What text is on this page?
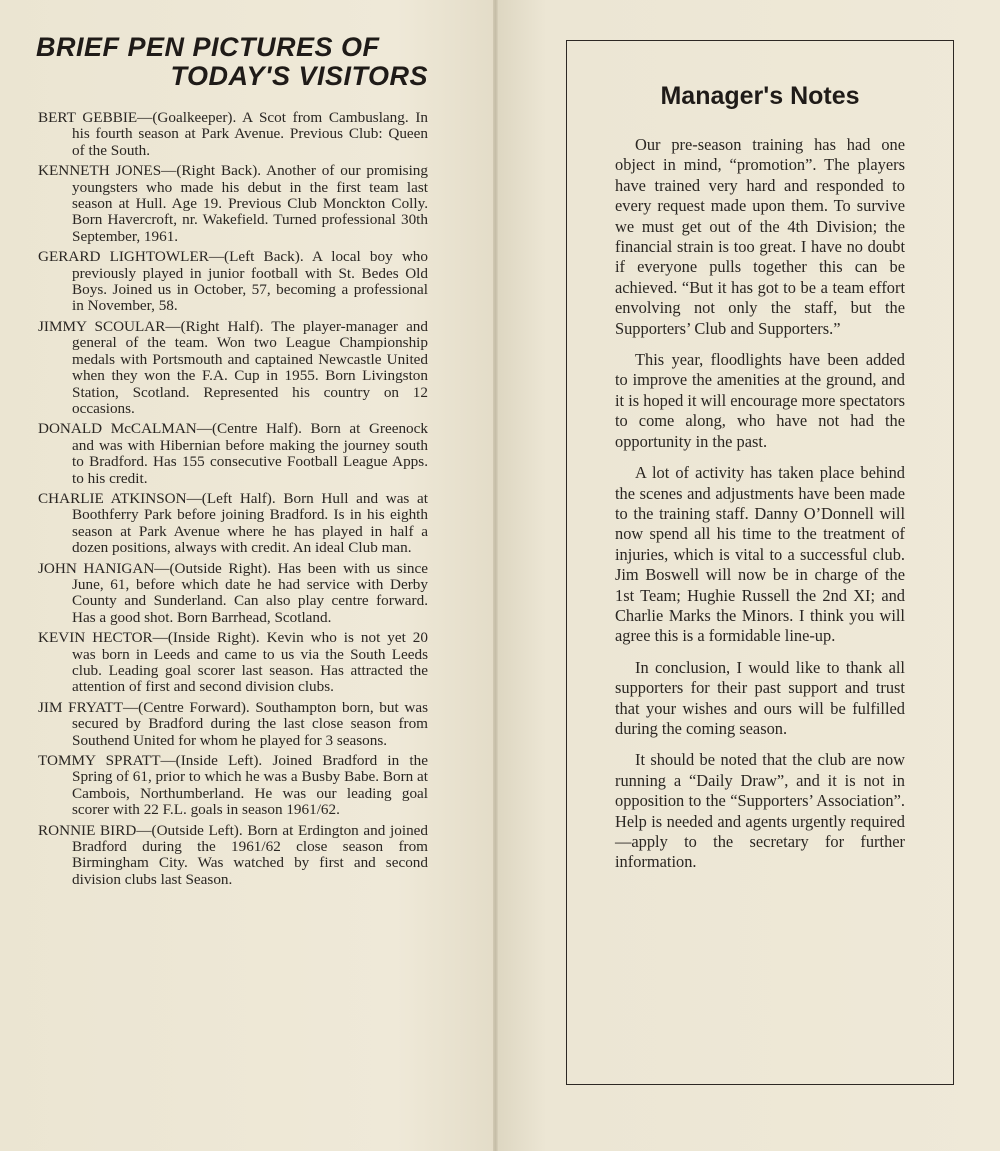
BRIEF PEN PICTURES OF
TODAY'S VISITORS
BERT GEBBIE—(Goalkeeper). A Scot from Cambuslang. In his fourth season at Park Avenue. Previous Club: Queen of the South.
KENNETH JONES—(Right Back). Another of our promising youngsters who made his debut in the first team last season at Hull. Age 19. Previous Club Monckton Colly. Born Havercroft, nr. Wakefield. Turned professional 30th September, 1961.
GERARD LIGHTOWLER—(Left Back). A local boy who previously played in junior football with St. Bedes Old Boys. Joined us in October, 57, becoming a professional in November, 58.
JIMMY SCOULAR—(Right Half). The player-manager and general of the team. Won two League Championship medals with Portsmouth and captained Newcastle United when they won the F.A. Cup in 1955. Born Livingston Station, Scotland. Represented his country on 12 occasions.
DONALD McCALMAN—(Centre Half). Born at Greenock and was with Hibernian before making the journey south to Bradford. Has 155 consecutive Football League Apps. to his credit.
CHARLIE ATKINSON—(Left Half). Born Hull and was at Boothferry Park before joining Bradford. Is in his eighth season at Park Avenue where he has played in half a dozen positions, always with credit. An ideal Club man.
JOHN HANIGAN—(Outside Right). Has been with us since June, 61, before which date he had service with Derby County and Sunderland. Can also play centre forward. Has a good shot. Born Barrhead, Scotland.
KEVIN HECTOR—(Inside Right). Kevin who is not yet 20 was born in Leeds and came to us via the South Leeds club. Leading goal scorer last season. Has attracted the attention of first and second division clubs.
JIM FRYATT—(Centre Forward). Southampton born, but was secured by Bradford during the last close season from Southend United for whom he played for 3 seasons.
TOMMY SPRATT—(Inside Left). Joined Bradford in the Spring of 61, prior to which he was a Busby Babe. Born at Cambois, Northumberland. He was our leading goal scorer with 22 F.L. goals in season 1961/62.
RONNIE BIRD—(Outside Left). Born at Erdington and joined Bradford during the 1961/62 close season from Birmingham City. Was watched by first and second division clubs last Season.
Manager's Notes

Our pre-season training has had one object in mind, “promotion”. The players have trained very hard and responded to every request made upon them. To survive we must get out of the 4th Division; the financial strain is too great. I have no doubt if everyone pulls together this can be achieved. “But it has got to be a team effort envolving not only the staff, but the Supporters’ Club and Supporters.”

This year, floodlights have been added to improve the amenities at the ground, and it is hoped it will encourage more spectators to come along, who have not had the opportunity in the past.

A lot of activity has taken place behind the scenes and adjustments have been made to the training staff. Danny O’Donnell will now spend all his time to the treatment of injuries, which is vital to a successful club. Jim Boswell will now be in charge of the 1st Team; Hughie Russell the 2nd XI; and Charlie Marks the Minors. I think you will agree this is a formidable line-up.

In conclusion, I would like to thank all supporters for their past support and trust that your wishes and ours will be fulfilled during the coming season.

It should be noted that the club are now running a “Daily Draw”, and it is not in opposition to the “Supporters’ Association”. Help is needed and agents urgently required—apply to the secretary for further information.
